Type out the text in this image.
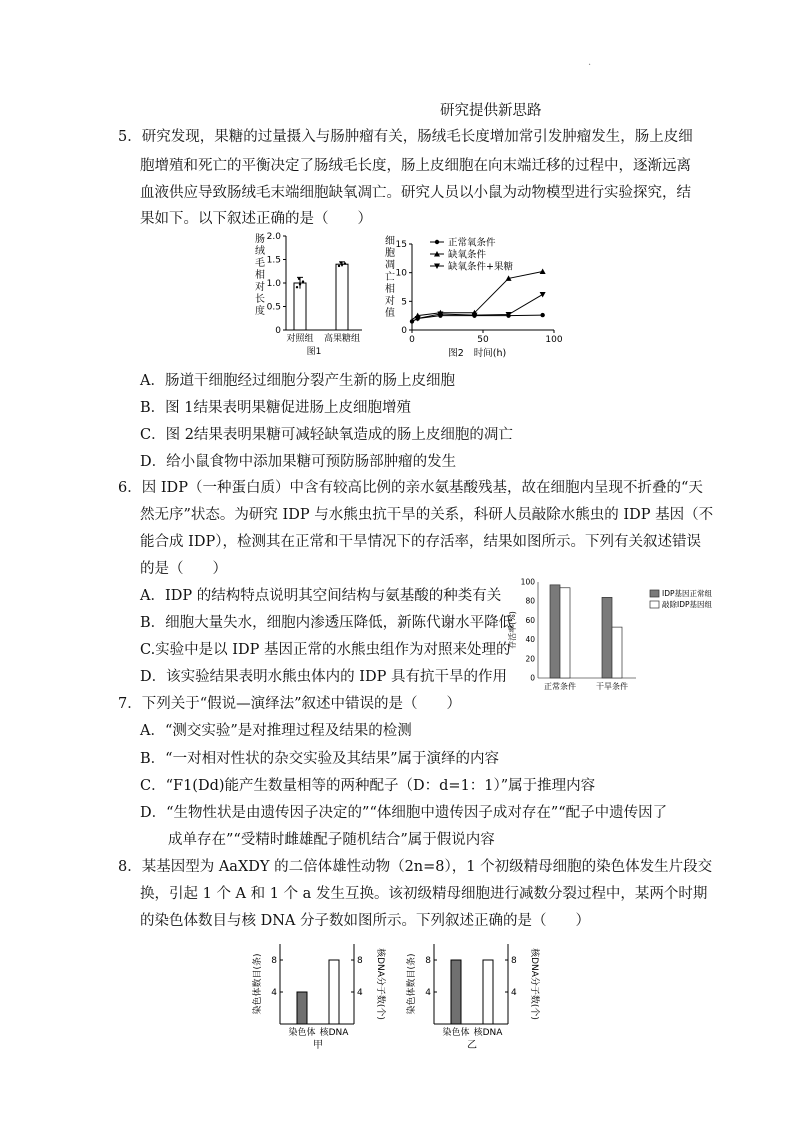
·
研究提供新思路
5．研究发现，果糖的过量摄入与肠肿瘤有关，肠绒毛长度增加常引发肿瘤发生，肠上皮细
胞增殖和死亡的平衡决定了肠绒毛长度，肠上皮细胞在向末端迁移的过程中，逐渐远离
血液供应导致肠绒毛末端细胞缺氧凋亡。研究人员以小鼠为动物模型进行实验探究，结
果如下。以下叙述正确的是（　　）
肠
绒
毛
相
对
长
度
0
0.5
1.0
1.5
2.0
对照组 高果糖组
图1
细
胞
凋
亡
相
对
值
0
5
10
15
0	50	100
正常氧条件
缺氧条件
缺氧条件+果糖
图2 时间(h)
A．肠道干细胞经过细胞分裂产生新的肠上皮细胞
B．图 1结果表明果糖促进肠上皮细胞增殖
C．图 2结果表明果糖可减轻缺氧造成的肠上皮细胞的凋亡
D．给小鼠食物中添加果糖可预防肠部肿瘤的发生
6．因 IDP（一种蛋白质）中含有较高比例的亲水氨基酸残基，故在细胞内呈现不折叠的“天
然无序”状态。为研究 IDP 与水熊虫抗干旱的关系，科研人员敲除水熊虫的 IDP 基因（不
能合成 IDP），检测其在正常和干旱情况下的存活率，结果如图所示。下列有关叙述错误
的是（　　）
A．IDP 的结构特点说明其空间结构与氨基酸的种类有关
B．细胞大量失水，细胞内渗透压降低，新陈代谢水平降低
C.实验中是以 IDP 基因正常的水熊虫组作为对照来处理的
D．该实验结果表明水熊虫体内的 IDP 具有抗干旱的作用
存活率(%)
0
20
40
60
80
100
正常条件	干旱条件
IDP基因正常组
敲除IDP基因组
7．下列关于“假说—演绎法”叙述中错误的是（　　）
A．“测交实验”是对推理过程及结果的检测
B．“一对相对性状的杂交实验及其结果”属于演绎的内容
C．“F1(Dd)能产生数量相等的两种配子（D：d=1：1）”属于推理内容
D．“生物性状是由遗传因子决定的”“体细胞中遗传因子成对存在”“配子中遗传因了
成单存在”“受精时雌雄配子随机结合”属于假说内容
8．某基因型为 AaXDY 的二倍体雄性动物（2n=8），1 个初级精母细胞的染色体发生片段交
换，引起 1 个 A 和 1 个 a 发生互换。该初级精母细胞进行减数分裂过程中，某两个时期
的染色体数目与核 DNA 分子数如图所示。下列叙述正确的是（　　）
染色体数目(条)	核DNA分子数(个)
4	4
8	8
染色体 核DNA
甲
染色体数目(条)	核DNA分子数(个)
4	4
8	8
染色体 核DNA
乙
